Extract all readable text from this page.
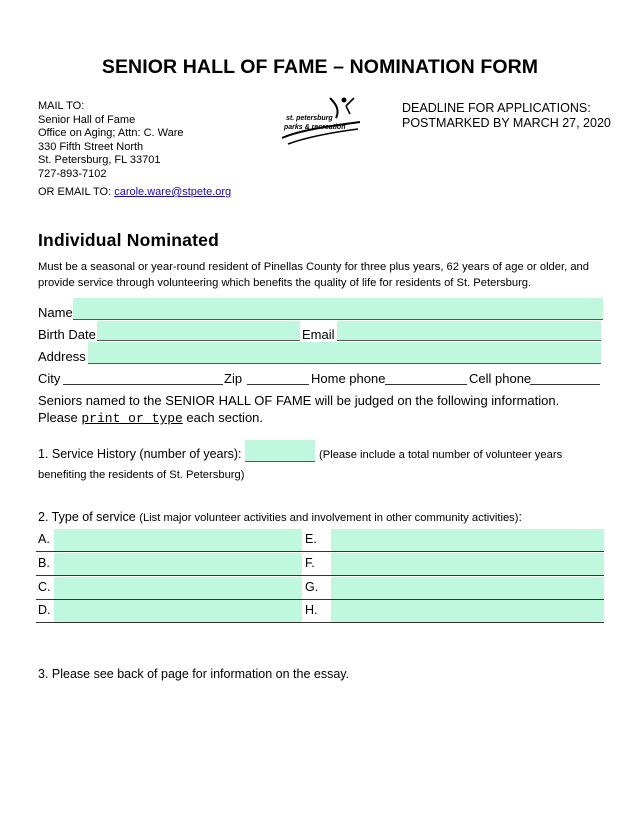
SENIOR HALL OF FAME – NOMINATION FORM
MAIL TO:
Senior Hall of Fame
Office on Aging; Attn: C. Ware
330 Fifth Street North
St. Petersburg, FL 33701
727-893-7102
OR EMAIL TO: carole.ware@stpete.org
st. petersburg
parks & recreation
DEADLINE FOR APPLICATIONS:
POSTMARKED BY MARCH 27, 2020
Individual Nominated
Must be a seasonal or year-round resident of Pinellas County for three plus years, 62 years of age or older, and provide service through volunteering which benefits the quality of life for residents of St. Petersburg.
Name
Birth Date	Email
Address
City	Zip	Home phone	Cell phone
Seniors named to the SENIOR HALL OF FAME will be judged on the following information.
Please print or type each section.
1. Service History (number of years):	(Please include a total number of volunteer years
benefiting the residents of St. Petersburg)
2. Type of service (List major volunteer activities and involvement in other community activities):
A.	E.
B.	F.
C.	G.
D.	H.
3. Please see back of page for information on the essay.
